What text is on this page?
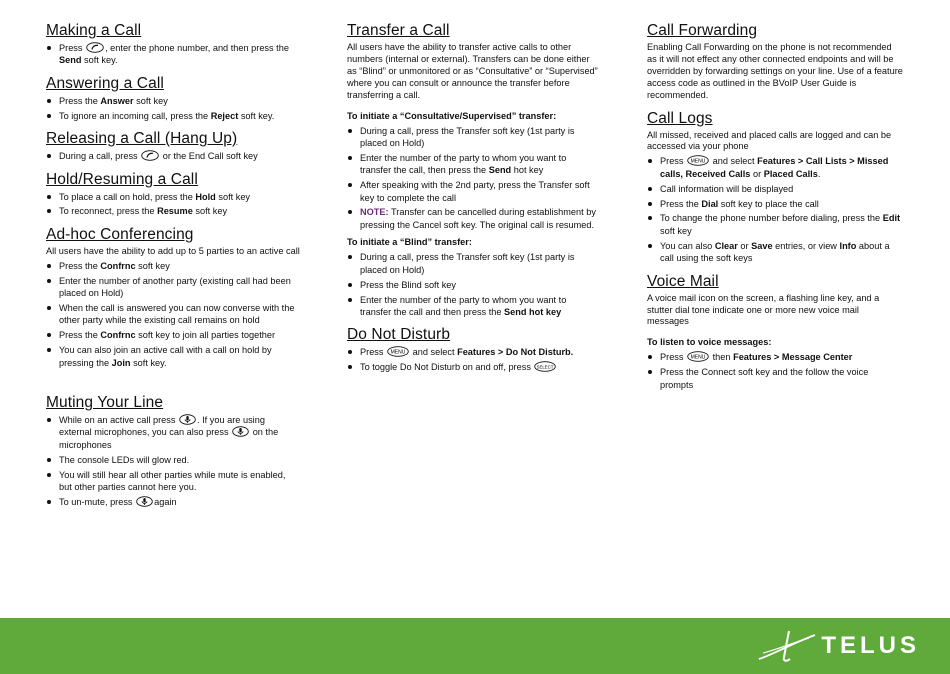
Making a Call
Press , enter the phone number, and then press the Send soft key.
Answering a Call
Press the Answer soft key
To ignore an incoming call, press the Reject soft key.
Releasing a Call (Hang Up)
During a call, press	or the End Call soft key
Hold/Resuming a Call
To place a call on hold, press the Hold soft key
To reconnect, press the Resume soft key
Ad-hoc Conferencing

All users have the ability to add up to 5 parties to an active call

Press the Confrnc soft key
Enter the number of another party (existing call had been placed on Hold)
When the call is answered you can now converse with the other party while the existing call remains on hold
Press the Confrnc soft key to join all parties together
You can also join an active call with a call on hold by pressing the Join soft key.
Muting Your Line
While on an active call press . If you are using external microphones, you can also press	on the microphones
The console LEDs will glow red.
You will still hear all other parties while mute is enabled, but other parties cannot here you.
To un-mute, press again
Transfer a Call

All users have the ability to transfer active calls to other numbers (internal or external). Transfers can be done either as “Blind” or unmonitored or as “Consultative” or “Supervised” where you can consult or announce the transfer before transferring a call.

To initiate a “Consultative/Supervised” transfer:
During a call, press the Transfer soft key (1st party is placed on Hold)
Enter the number of the party to whom you want to transfer the call, then press the Send hot key
After speaking with the 2nd party, press the Transfer soft key to complete the call
NOTE: Transfer can be cancelled during establishment by pressing the Cancel soft key. The original call is resumed.
To initiate a “Blind” transfer:
During a call, press the Transfer soft key (1st party is placed on Hold)
Press the Blind soft key
Enter the number of the party to whom you want to transfer the call and then press the Send hot key
Do Not Disturb
Press MENU and select Features > Do Not Disturb.
To toggle Do Not Disturb on and off, press SELECT
Call Forwarding

Enabling Call Forwarding on the phone is not recommended as it will not effect any other connected endpoints and will be overridden by forwarding settings on your line. Use of a feature access code as outlined in the BVoIP User Guide is recommended.

Call Logs

All missed, received and placed calls are logged and can be accessed via your phone

Press MENU and select Features > Call Lists > Missed calls, Received Calls or Placed Calls.
Call information will be displayed
Press the Dial soft key to place the call
To change the phone number before dialing, press the Edit soft key
You can also Clear or Save entries, or view Info about a call using the soft keys
Voice Mail

A voice mail icon on the screen, a flashing line key, and a stutter dial tone indicate one or more new voice mail messages

To listen to voice messages:
Press MENU then Features > Message Center
Press the Connect soft key and the follow the voice prompts
TELUS
